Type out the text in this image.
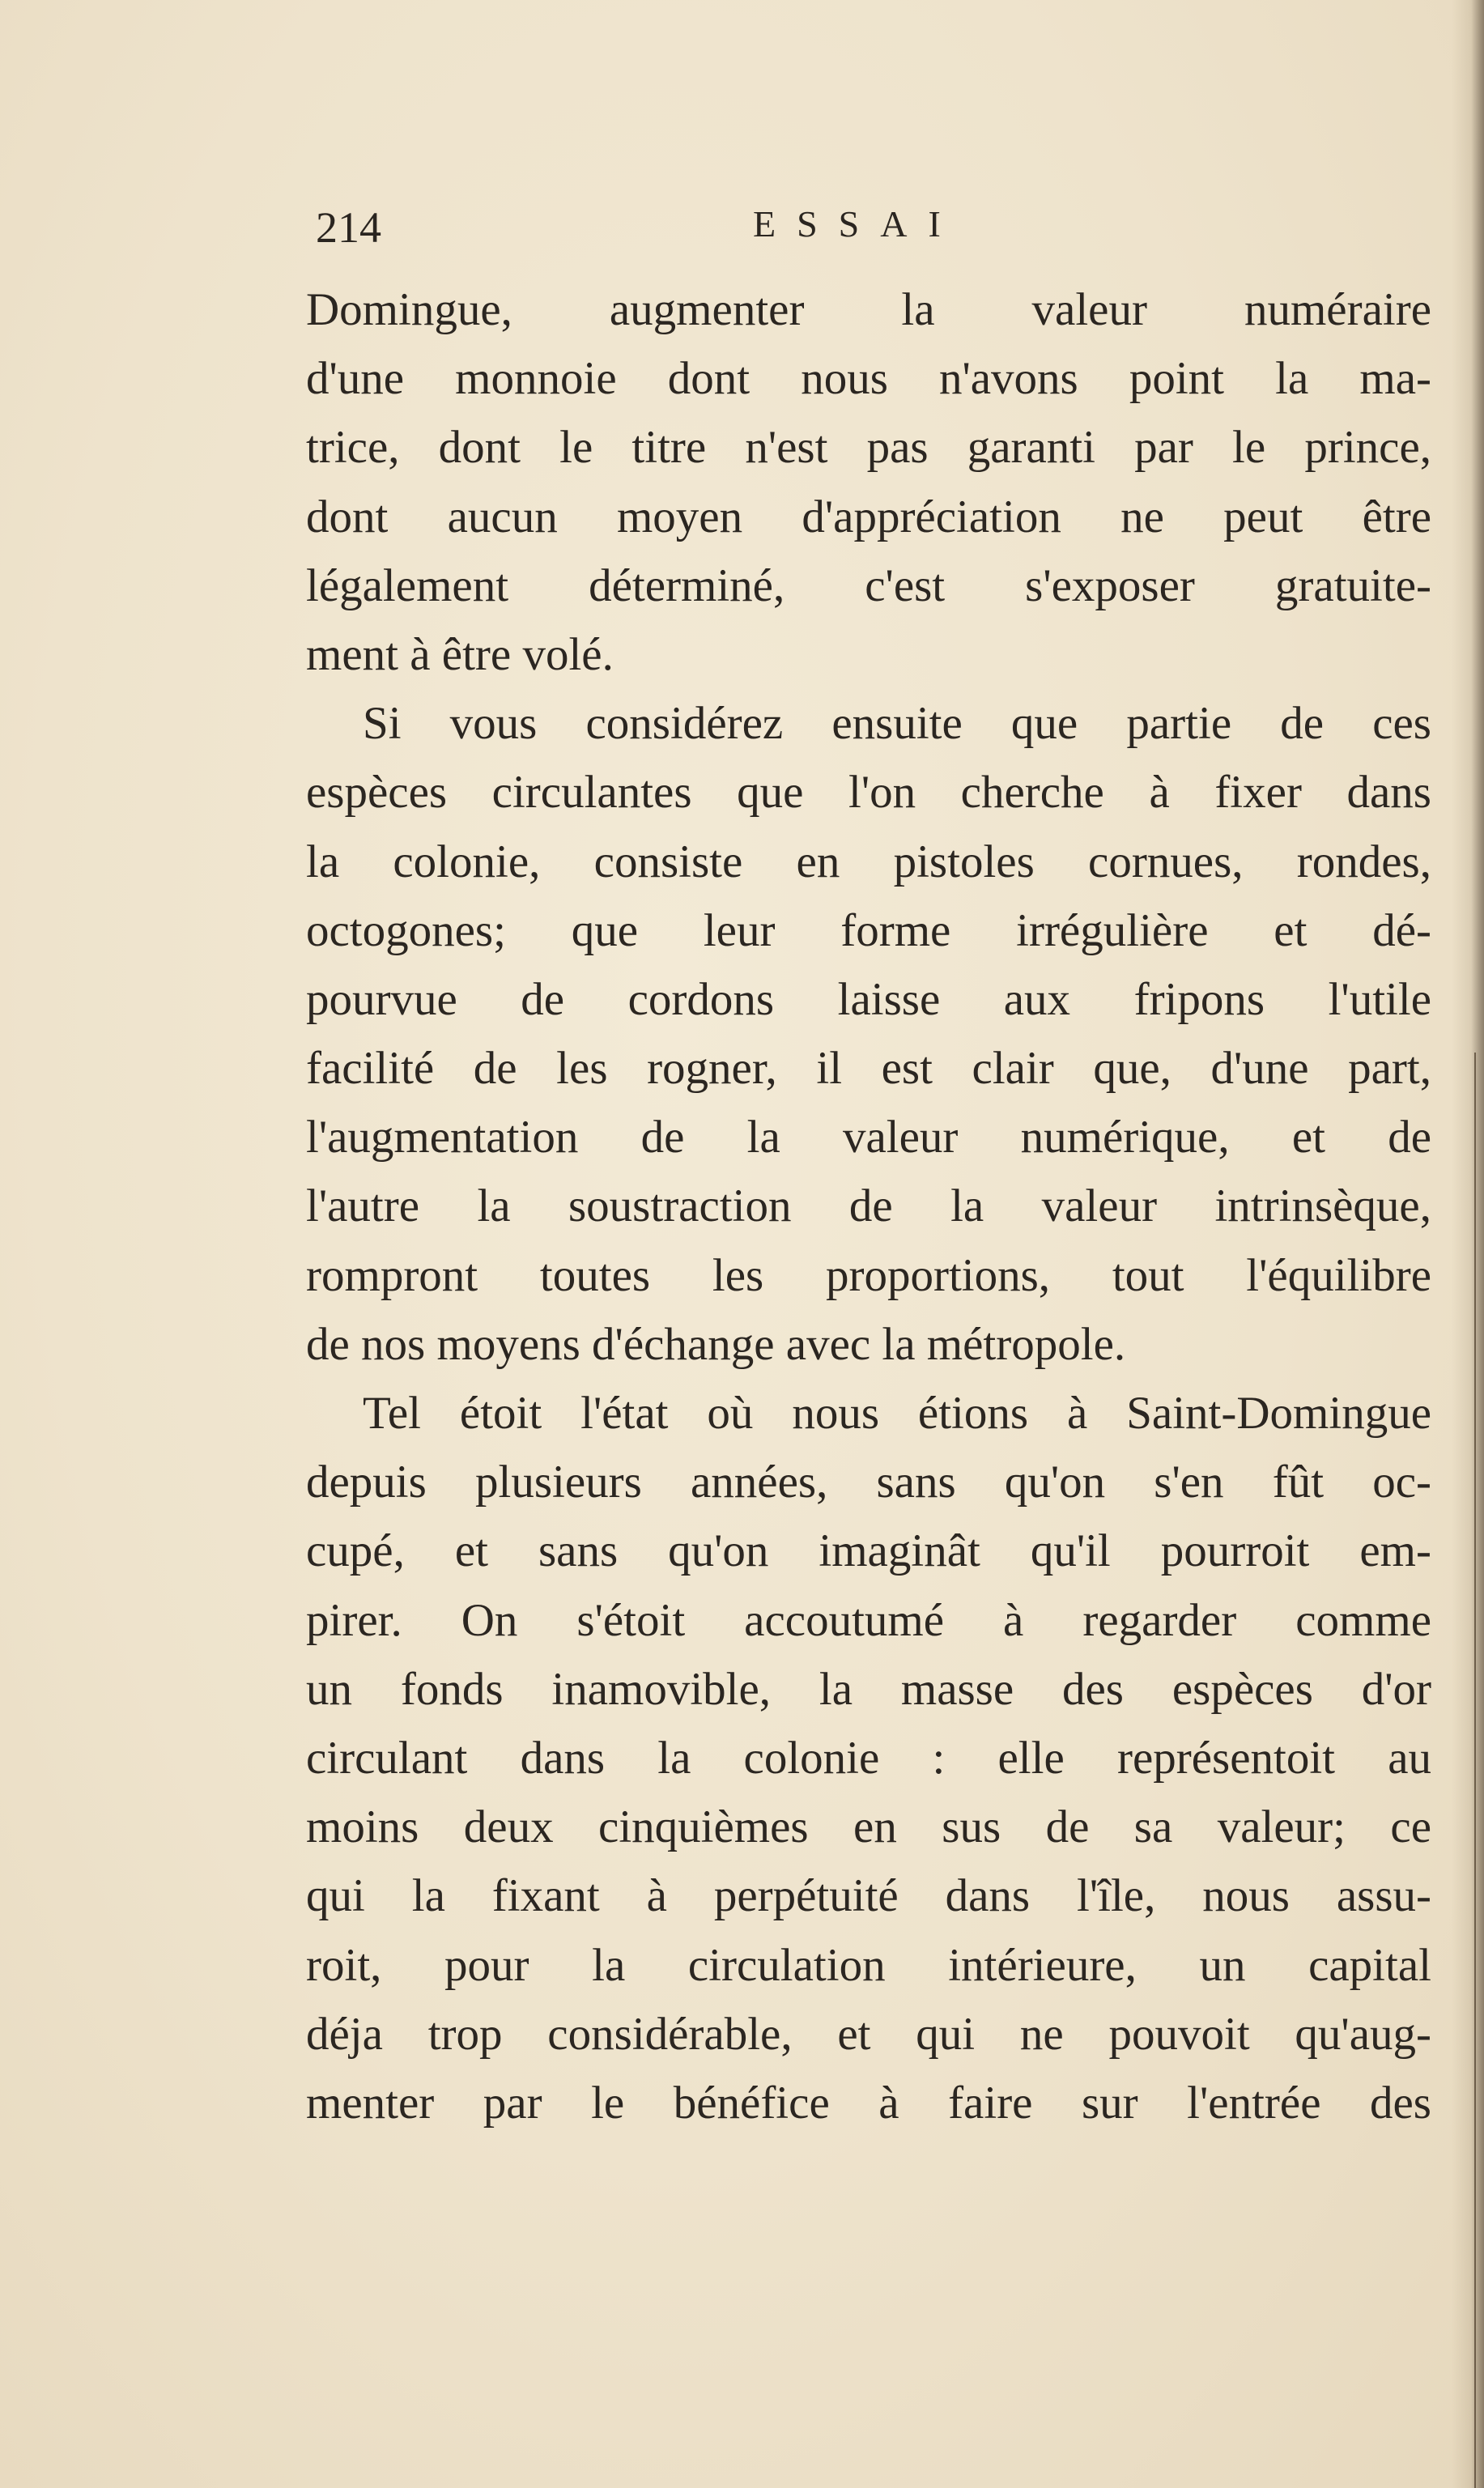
214	ESSAI
Domingue, augmenter la valeur numéraire
d'une monnoie dont nous n'avons point la ma-
trice, dont le titre n'est pas garanti par le prince,
dont aucun moyen d'appréciation ne peut être
légalement déterminé, c'est s'exposer gratuite-
ment à être volé.
Si vous considérez ensuite que partie de ces
espèces circulantes que l'on cherche à fixer dans
la colonie, consiste en pistoles cornues, rondes,
octogones; que leur forme irrégulière et dé-
pourvue de cordons laisse aux fripons l'utile
facilité de les rogner, il est clair que, d'une part,
l'augmentation de la valeur numérique, et de
l'autre la soustraction de la valeur intrinsèque,
rompront toutes les proportions, tout l'équilibre
de nos moyens d'échange avec la métropole.
Tel étoit l'état où nous étions à Saint-Domingue
depuis plusieurs années, sans qu'on s'en fût oc-
cupé, et sans qu'on imaginât qu'il pourroit em-
pirer. On s'étoit accoutumé à regarder comme
un fonds inamovible, la masse des espèces d'or
circulant dans la colonie : elle représentoit au
moins deux cinquièmes en sus de sa valeur; ce
qui la fixant à perpétuité dans l'île, nous assu-
roit, pour la circulation intérieure, un capital
déja trop considérable, et qui ne pouvoit qu'aug-
menter par le bénéfice à faire sur l'entrée des
